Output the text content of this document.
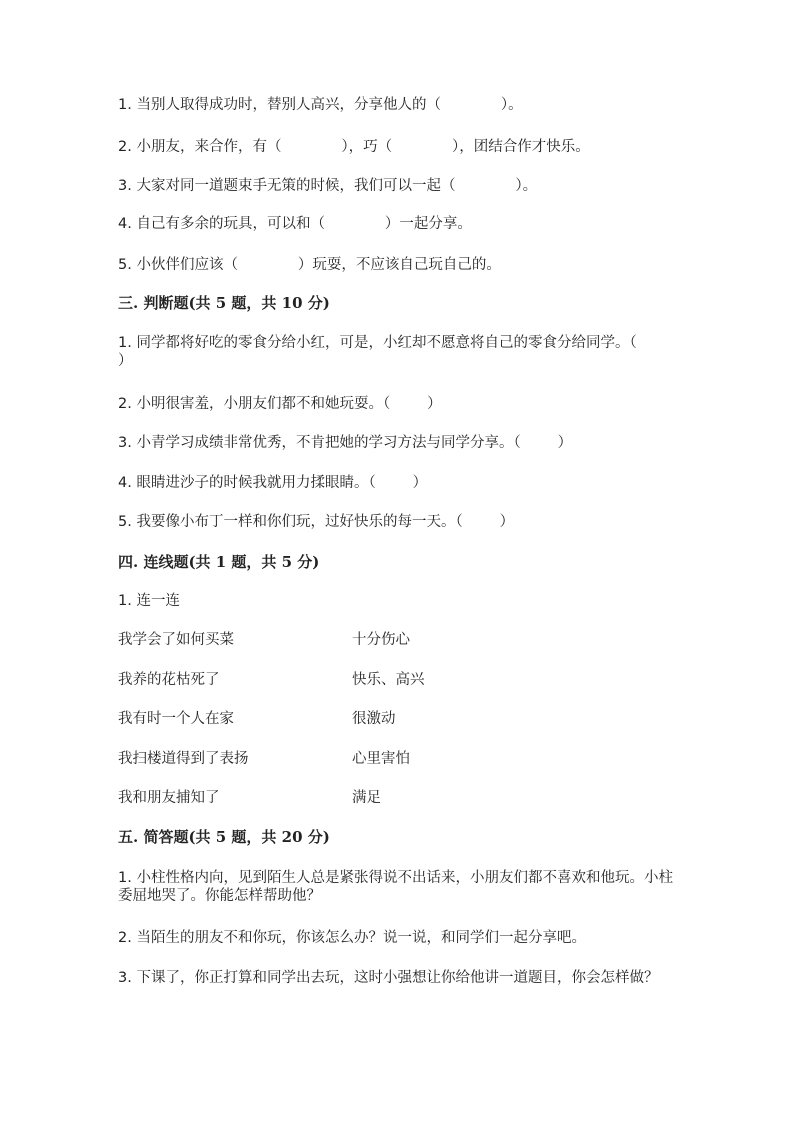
1. 当别人取得成功时，替别人高兴，分享他人的（             ）。
2. 小朋友，来合作，有（             ），巧（             ），团结合作才快乐。
3. 大家对同一道题束手无策的时候，我们可以一起（             ）。
4. 自己有多余的玩具，可以和（             ）一起分享。
5. 小伙伴们应该（             ）玩耍，不应该自己玩自己的。
三. 判断题(共 5 题，共 10 分)
1. 同学都将好吃的零食分给小红，可是，小红却不愿意将自己的零食分给同学。（        ）
2. 小明很害羞，小朋友们都不和她玩耍。（        ）
3. 小青学习成绩非常优秀，不肯把她的学习方法与同学分享。（        ）
4. 眼睛进沙子的时候我就用力揉眼睛。（        ）
5. 我要像小布丁一样和你们玩，过好快乐的每一天。（        ）
四. 连线题(共 1 题，共 5 分)
1. 连一连
我学会了如何买菜	十分伤心
我养的花枯死了	快乐、高兴
我有时一个人在家	很激动
我扫楼道得到了表扬	心里害怕
我和朋友捕知了	满足
五. 简答题(共 5 题，共 20 分)
1. 小柱性格内向，见到陌生人总是紧张得说不出话来，小朋友们都不喜欢和他玩。小柱委屈地哭了。你能怎样帮助他？
2. 当陌生的朋友不和你玩，你该怎么办？说一说，和同学们一起分享吧。
3. 下课了，你正打算和同学出去玩，这时小强想让你给他讲一道题目，你会怎样做？
